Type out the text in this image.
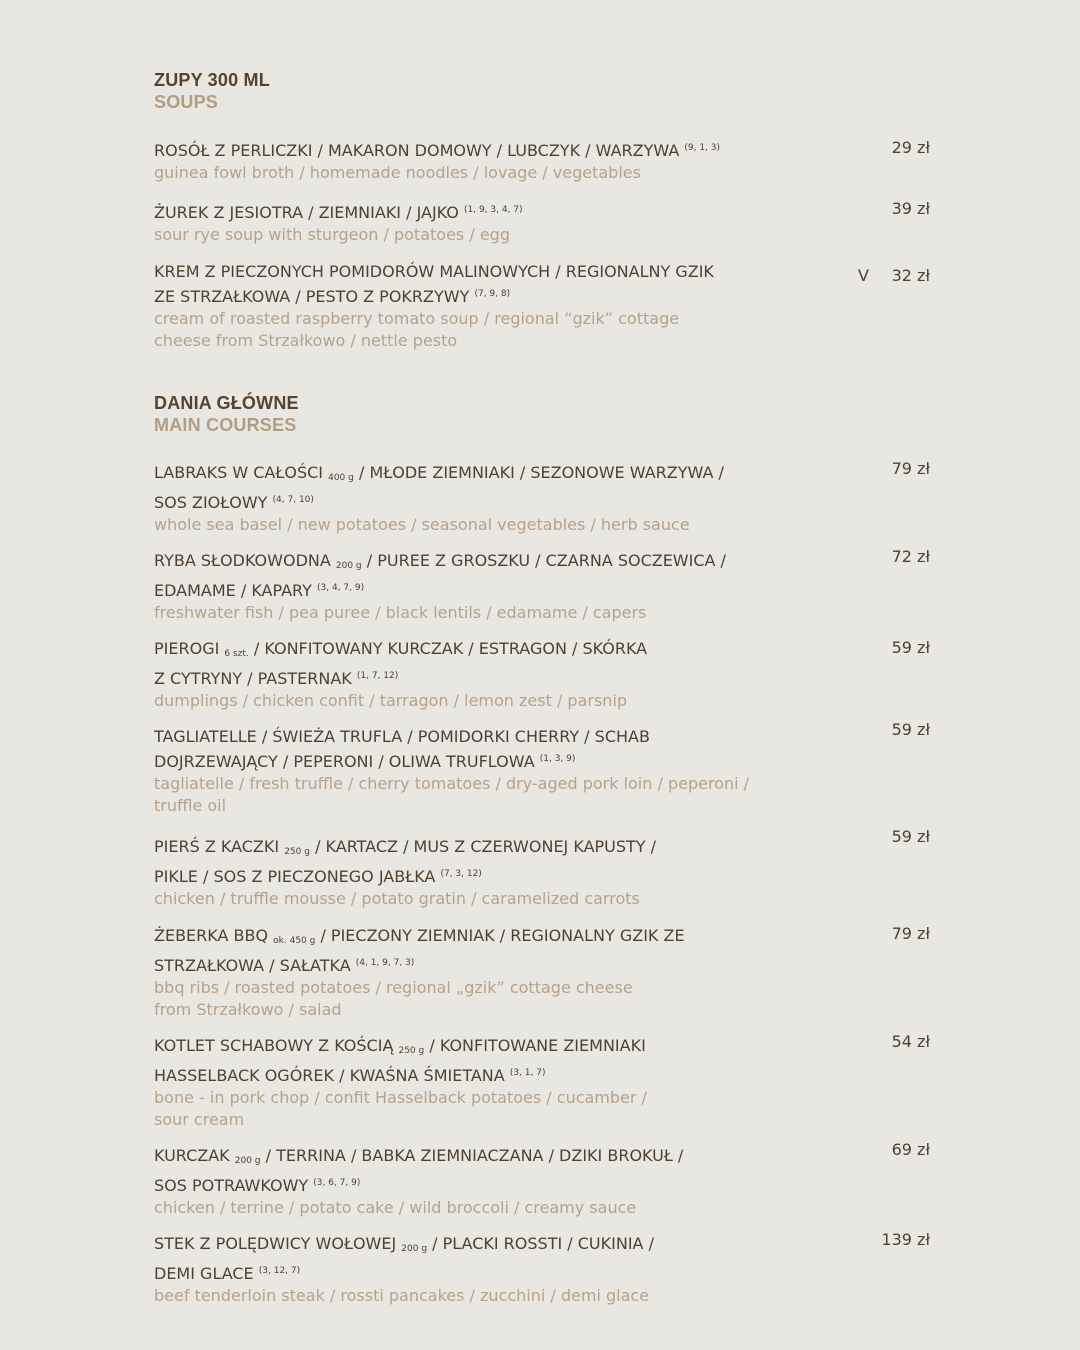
ZUPY 300 ML
SOUPS
ROSÓŁ Z PERLICZKI / MAKARON DOMOWY / LUBCZYK / WARZYWA $^{(9, 1, 3)}$
guinea fowl broth / homemade noodles / lovage / vegetables
29 zł
ŻUREK Z JESIOTRA / ZIEMNIAKI / JAJKO $^{(1, 9, 3, 4, 7)}$
sour rye soup with sturgeon / potatoes / egg
39 zł
KREM Z PIECZONYCH POMIDORÓW MALINOWYCH / REGIONALNY GZIK
ZE STRZAŁKOWA / PESTO Z POKRZYWY $^{(7, 9, 8)}$
cream of roasted raspberry tomato soup / regional “gzik” cottage
cheese from Strzałkowo / nettle pesto
V 32 zł
DANIA GŁÓWNE
MAIN COURSES
LABRAKS W CAŁOŚCI 400 g / MŁODE ZIEMNIAKI / SEZONOWE WARZYWA /
SOS ZIOŁOWY $^{(4, 7, 10)}$
whole sea basel / new potatoes / seasonal vegetables / herb sauce
79 zł
RYBA SŁODKOWODNA 200 g / PUREE Z GROSZKU / CZARNA SOCZEWICA /
EDAMAME / KAPARY $^{(3, 4, 7, 9)}$
freshwater fish / pea puree / black lentils / edamame / capers
72 zł
PIEROGI 6 szt. / KONFITOWANY KURCZAK / ESTRAGON / SKÓRKA
Z CYTRYNY / PASTERNAK $^{(1, 7, 12)}$
dumplings / chicken confit / tarragon / lemon zest / parsnip
59 zł
TAGLIATELLE / ŚWIEŻA TRUFLA / POMIDORKI CHERRY / SCHAB
DOJRZEWAJĄCY / PEPERONI / OLIWA TRUFLOWA $^{(1, 3, 9)}$
tagliatelle / fresh truffle / cherry tomatoes / dry-aged pork loin / peperoni /
truffle oil
59 zł
PIERŚ Z KACZKI 250 g / KARTACZ / MUS Z CZERWONEJ KAPUSTY /
PIKLE / SOS Z PIECZONEGO JABŁKA $^{(7, 3, 12)}$
chicken / truffle mousse / potato gratin / caramelized carrots
59 zł
ŻEBERKA BBQ ok. 450 g / PIECZONY ZIEMNIAK / REGIONALNY GZIK ZE
STRZAŁKOWA / SAŁATKA $^{(4, 1, 9, 7, 3)}$
bbq ribs / roasted potatoes / regional „gzik” cottage cheese
from Strzałkowo / salad
79 zł
KOTLET SCHABOWY Z KOŚCIĄ 250 g / KONFITOWANE ZIEMNIAKI
HASSELBACK OGÓREK / KWAŚNA ŚMIETANA $^{(3, 1, 7)}$
bone - in pork chop / confit Hasselback potatoes / cucamber /
sour cream
54 zł
KURCZAK 200 g / TERRINA / BABKA ZIEMNIACZANA / DZIKI BROKUŁ /
SOS POTRAWKOWY $^{(3, 6, 7, 9)}$
chicken / terrine / potato cake / wild broccoli / creamy sauce
69 zł
STEK Z POLĘDWICY WOŁOWEJ 200 g / PLACKI ROSSTI / CUKINIA /
DEMI GLACE $^{(3, 12, 7)}$
beef tenderloin steak / rossti pancakes / zucchini / demi glace
139 zł
